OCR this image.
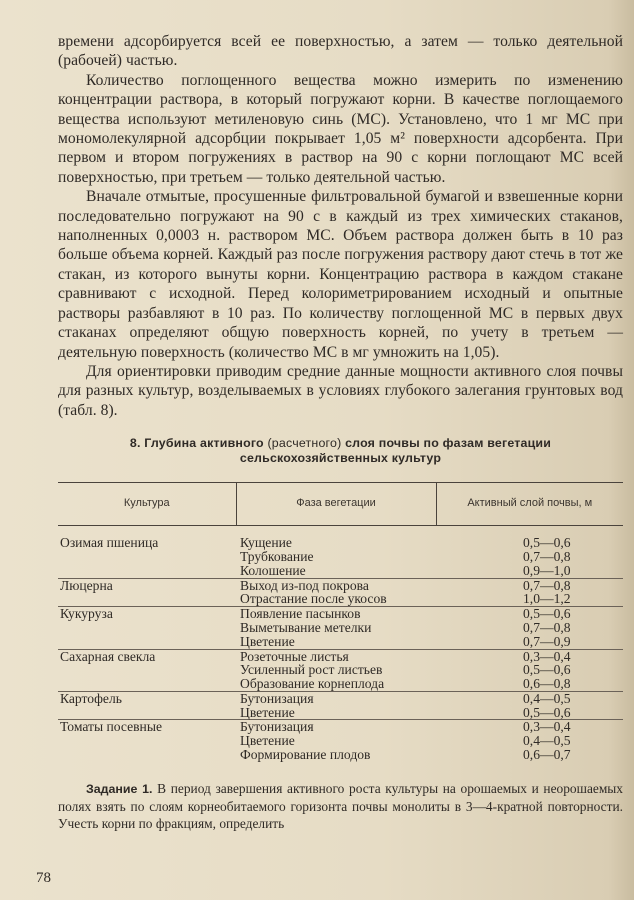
времени адсорбируется всей ее поверхностью, а затем — только деятельной (рабочей) частью.

Количество поглощенного вещества можно измерить по изменению концентрации раствора, в который погружают корни. В качестве поглощаемого вещества используют метиленовую синь (МС). Установлено, что 1 мг МС при мономолекулярной адсорбции покрывает 1,05 м² поверхности адсорбента. При первом и втором погружениях в раствор на 90 с корни поглощают МС всей поверхностью, при третьем — только деятельной частью.

Вначале отмытые, просушенные фильтровальной бумагой и взвешенные корни последовательно погружают на 90 с в каждый из трех химических стаканов, наполненных 0,0003 н. раствором МС. Объем раствора должен быть в 10 раз больше объема корней. Каждый раз после погружения раствору дают стечь в тот же стакан, из которого вынуты корни. Концентрацию раствора в каждом стакане сравнивают с исходной. Перед колориметрированием исходный и опытные растворы разбавляют в 10 раз. По количеству поглощенной МС в первых двух стаканах определяют общую поверхность корней, по учету в третьем — деятельную поверхность (количество МС в мг умножить на 1,05).

Для ориентировки приводим средние данные мощности активного слоя почвы для разных культур, возделываемых в условиях глубокого залегания грунтовых вод (табл. 8).

8. Глубина активного (расчетного) слоя почвы по фазам вегетации
сельскохозяйственных культур
Культура	Фаза вегетации	Активный слой почвы, м
Озимая пшеница	Кущение	0,5—0,6
	Трубкование	0,7—0,8
	Колошение	0,9—1,0
Люцерна	Выход из-под покрова	0,7—0,8
	Отрастание после укосов	1,0—1,2
Кукуруза	Появление пасынков	0,5—0,6
	Выметывание метелки	0,7—0,8
	Цветение	0,7—0,9
Сахарная свекла	Розеточные листья	0,3—0,4
	Усиленный рост листьев	0,5—0,6
	Образование корнеплода	0,6—0,8
Картофель	Бутонизация	0,4—0,5
	Цветение	0,5—0,6
Томаты посевные	Бутонизация	0,3—0,4
	Цветение	0,4—0,5
	Формирование плодов	0,6—0,7

Задание 1. В период завершения активного роста культуры на орошаемых и неорошаемых полях взять по слоям корнеобитаемого горизонта почвы монолиты в 3—4-кратной повторности. Учесть корни по фракциям, определить

78
